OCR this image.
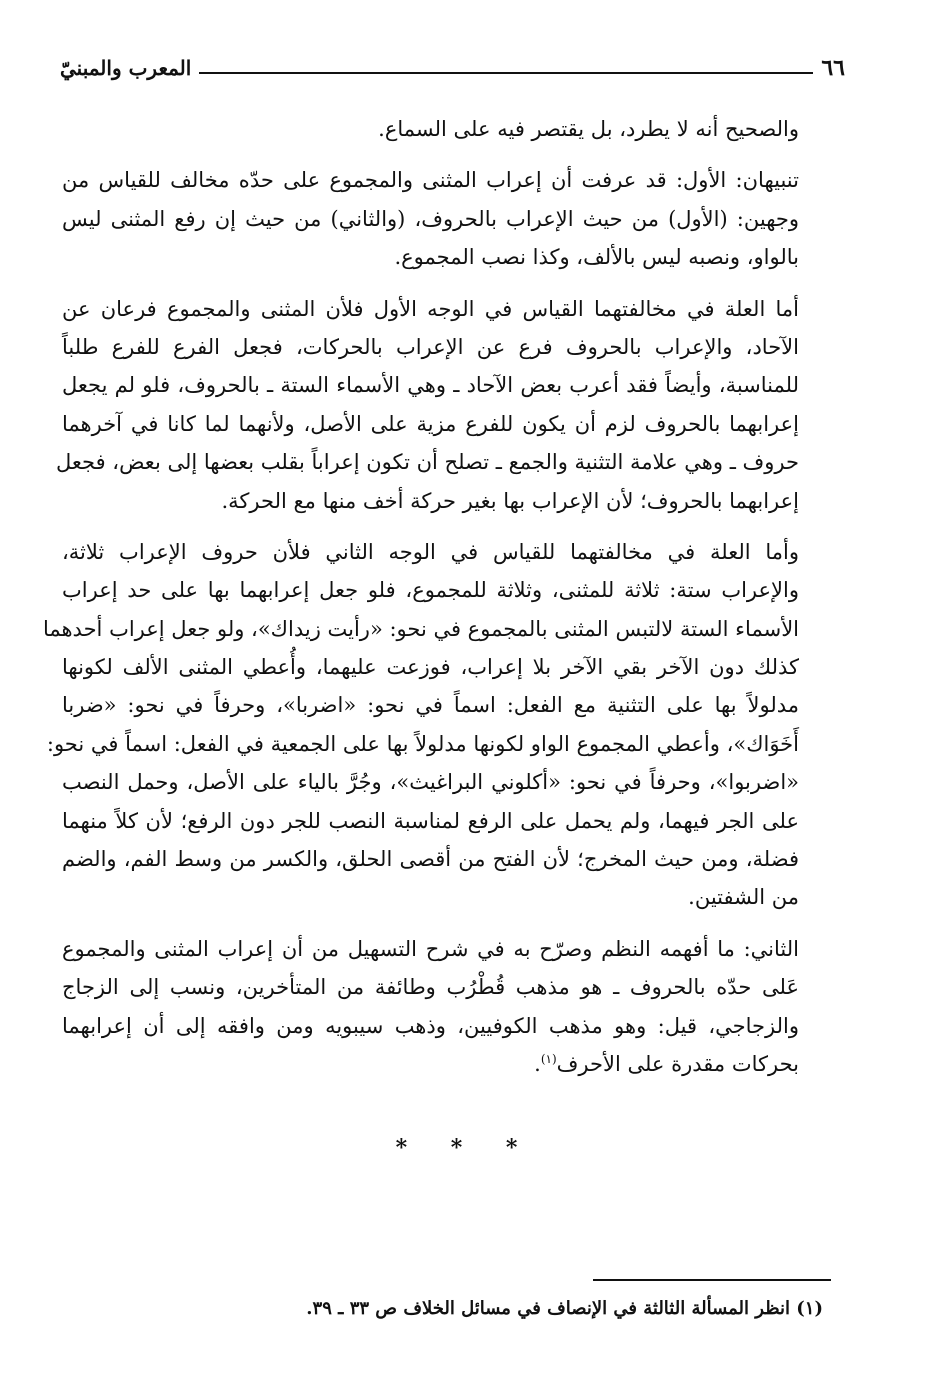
٦٦
المعرب والمبنيّ

والصحيح أنه لا يطرد، بل يقتصر فيه على السماع.

تنبيهان: الأول: قد عرفت أن إعراب المثنى والمجموع على حدّه مخالف للقياس من
وجهين: (الأول) من حيث الإعراب بالحروف، (والثاني) من حيث إن رفع المثنى ليس
بالواو، ونصبه ليس بالألف، وكذا نصب المجموع.

أما العلة في مخالفتهما القياس في الوجه الأول فلأن المثنى والمجموع فرعان عن
الآحاد، والإعراب بالحروف فرع عن الإعراب بالحركات، فجعل الفرع للفرع طلباً
للمناسبة، وأيضاً فقد أعرب بعض الآحاد ـ وهي الأسماء الستة ـ بالحروف، فلو لم يجعل
إعرابهما بالحروف لزم أن يكون للفرع مزية على الأصل، ولأنهما لما كانا في آخرهما
حروف ـ وهي علامة التثنية والجمع ـ تصلح أن تكون إعراباً بقلب بعضها إلى بعض، فجعل
إعرابهما بالحروف؛ لأن الإعراب بها بغير حركة أخف منها مع الحركة.

وأما العلة في مخالفتهما للقياس في الوجه الثاني فلأن حروف الإعراب ثلاثة،
والإعراب ستة: ثلاثة للمثنى، وثلاثة للمجموع، فلو جعل إعرابهما بها على حد إعراب
الأسماء الستة لالتبس المثنى بالمجموع في نحو: «رأيت زيداك»، ولو جعل إعراب أحدهما
كذلك دون الآخر بقي الآخر بلا إعراب، فوزعت عليهما، وأُعطي المثنى الألف لكونها
مدلولاً بها على التثنية مع الفعل: اسماً في نحو: «اضربا»، وحرفاً في نحو: «ضربا
أَخَوَاك»، وأعطي المجموع الواو لكونها مدلولاً بها على الجمعية في الفعل: اسماً في نحو:
«اضربوا»، وحرفاً في نحو: «أكلوني البراغيث»، وجُرَّ بالياء على الأصل، وحمل النصب
على الجر فيهما، ولم يحمل على الرفع لمناسبة النصب للجر دون الرفع؛ لأن كلاً منهما
فضلة، ومن حيث المخرج؛ لأن الفتح من أقصى الحلق، والكسر من وسط الفم، والضم
من الشفتين.

الثاني: ما أفهمه النظم وصرّح به في شرح التسهيل من أن إعراب المثنى والمجموع
عَلى حدّه بالحروف ـ هو مذهب قُطْرُب وطائفة من المتأخرين، ونسب إلى الزجاج
والزجاجي، قيل: وهو مذهب الكوفيين، وذهب سيبويه ومن وافقه إلى أن إعرابهما
بحركات مقدرة على الأحرف$^{(١)}$.

* * *
(١) انظر المسألة الثالثة في الإنصاف في مسائل الخلاف ص ٣٣ ـ ٣٩.
